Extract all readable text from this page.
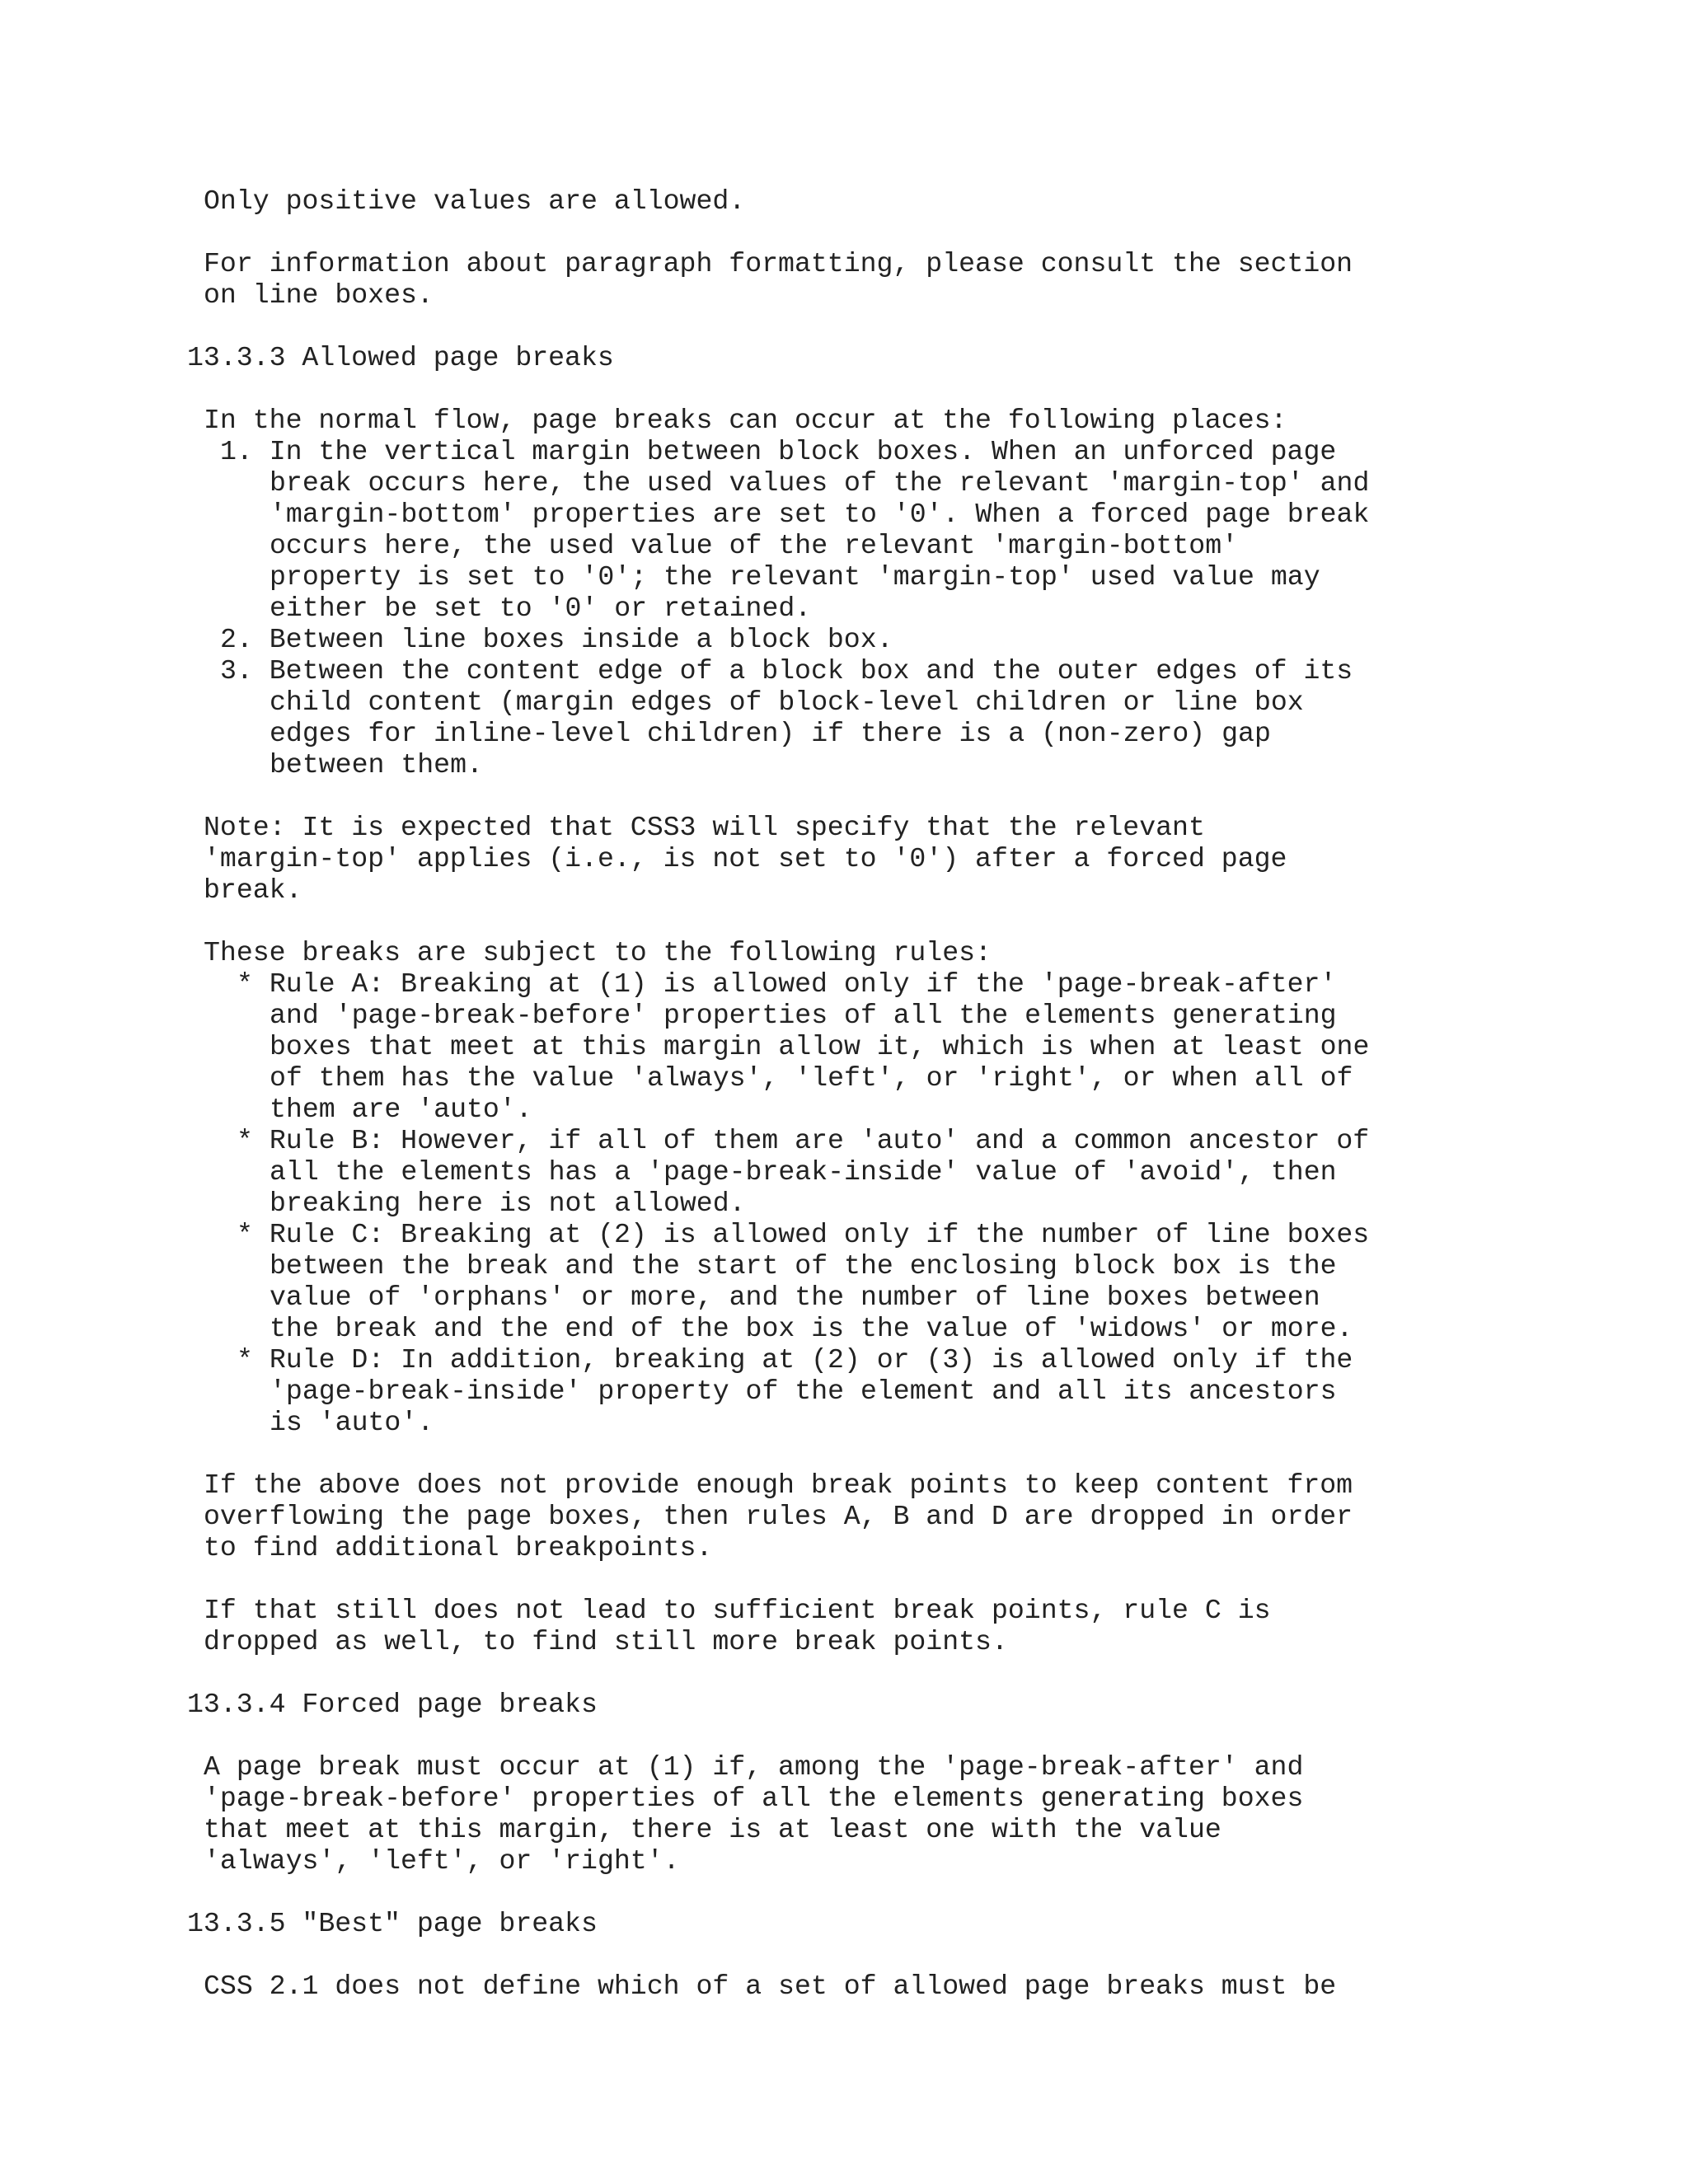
Only positive values are allowed.
For information about paragraph formatting, please consult the section
on line boxes.
13.3.3 Allowed page breaks
In the normal flow, page breaks can occur at the following places:
1. In the vertical margin between block boxes. When an unforced page
break occurs here, the used values of the relevant 'margin-top' and
'margin-bottom' properties are set to '0'. When a forced page break
occurs here, the used value of the relevant 'margin-bottom'
property is set to '0'; the relevant 'margin-top' used value may
either be set to '0' or retained.
2. Between line boxes inside a block box.
3. Between the content edge of a block box and the outer edges of its
child content (margin edges of block-level children or line box
edges for inline-level children) if there is a (non-zero) gap
between them.
Note: It is expected that CSS3 will specify that the relevant
'margin-top' applies (i.e., is not set to '0') after a forced page
break.
These breaks are subject to the following rules:
* Rule A: Breaking at (1) is allowed only if the 'page-break-after'
and 'page-break-before' properties of all the elements generating
boxes that meet at this margin allow it, which is when at least one
of them has the value 'always', 'left', or 'right', or when all of
them are 'auto'.
* Rule B: However, if all of them are 'auto' and a common ancestor of
all the elements has a 'page-break-inside' value of 'avoid', then
breaking here is not allowed.
* Rule C: Breaking at (2) is allowed only if the number of line boxes
between the break and the start of the enclosing block box is the
value of 'orphans' or more, and the number of line boxes between
the break and the end of the box is the value of 'widows' or more.
* Rule D: In addition, breaking at (2) or (3) is allowed only if the
'page-break-inside' property of the element and all its ancestors
is 'auto'.
If the above does not provide enough break points to keep content from
overflowing the page boxes, then rules A, B and D are dropped in order
to find additional breakpoints.
If that still does not lead to sufficient break points, rule C is
dropped as well, to find still more break points.
13.3.4 Forced page breaks
A page break must occur at (1) if, among the 'page-break-after' and
'page-break-before' properties of all the elements generating boxes
that meet at this margin, there is at least one with the value
'always', 'left', or 'right'.
13.3.5 "Best" page breaks
CSS 2.1 does not define which of a set of allowed page breaks must be
